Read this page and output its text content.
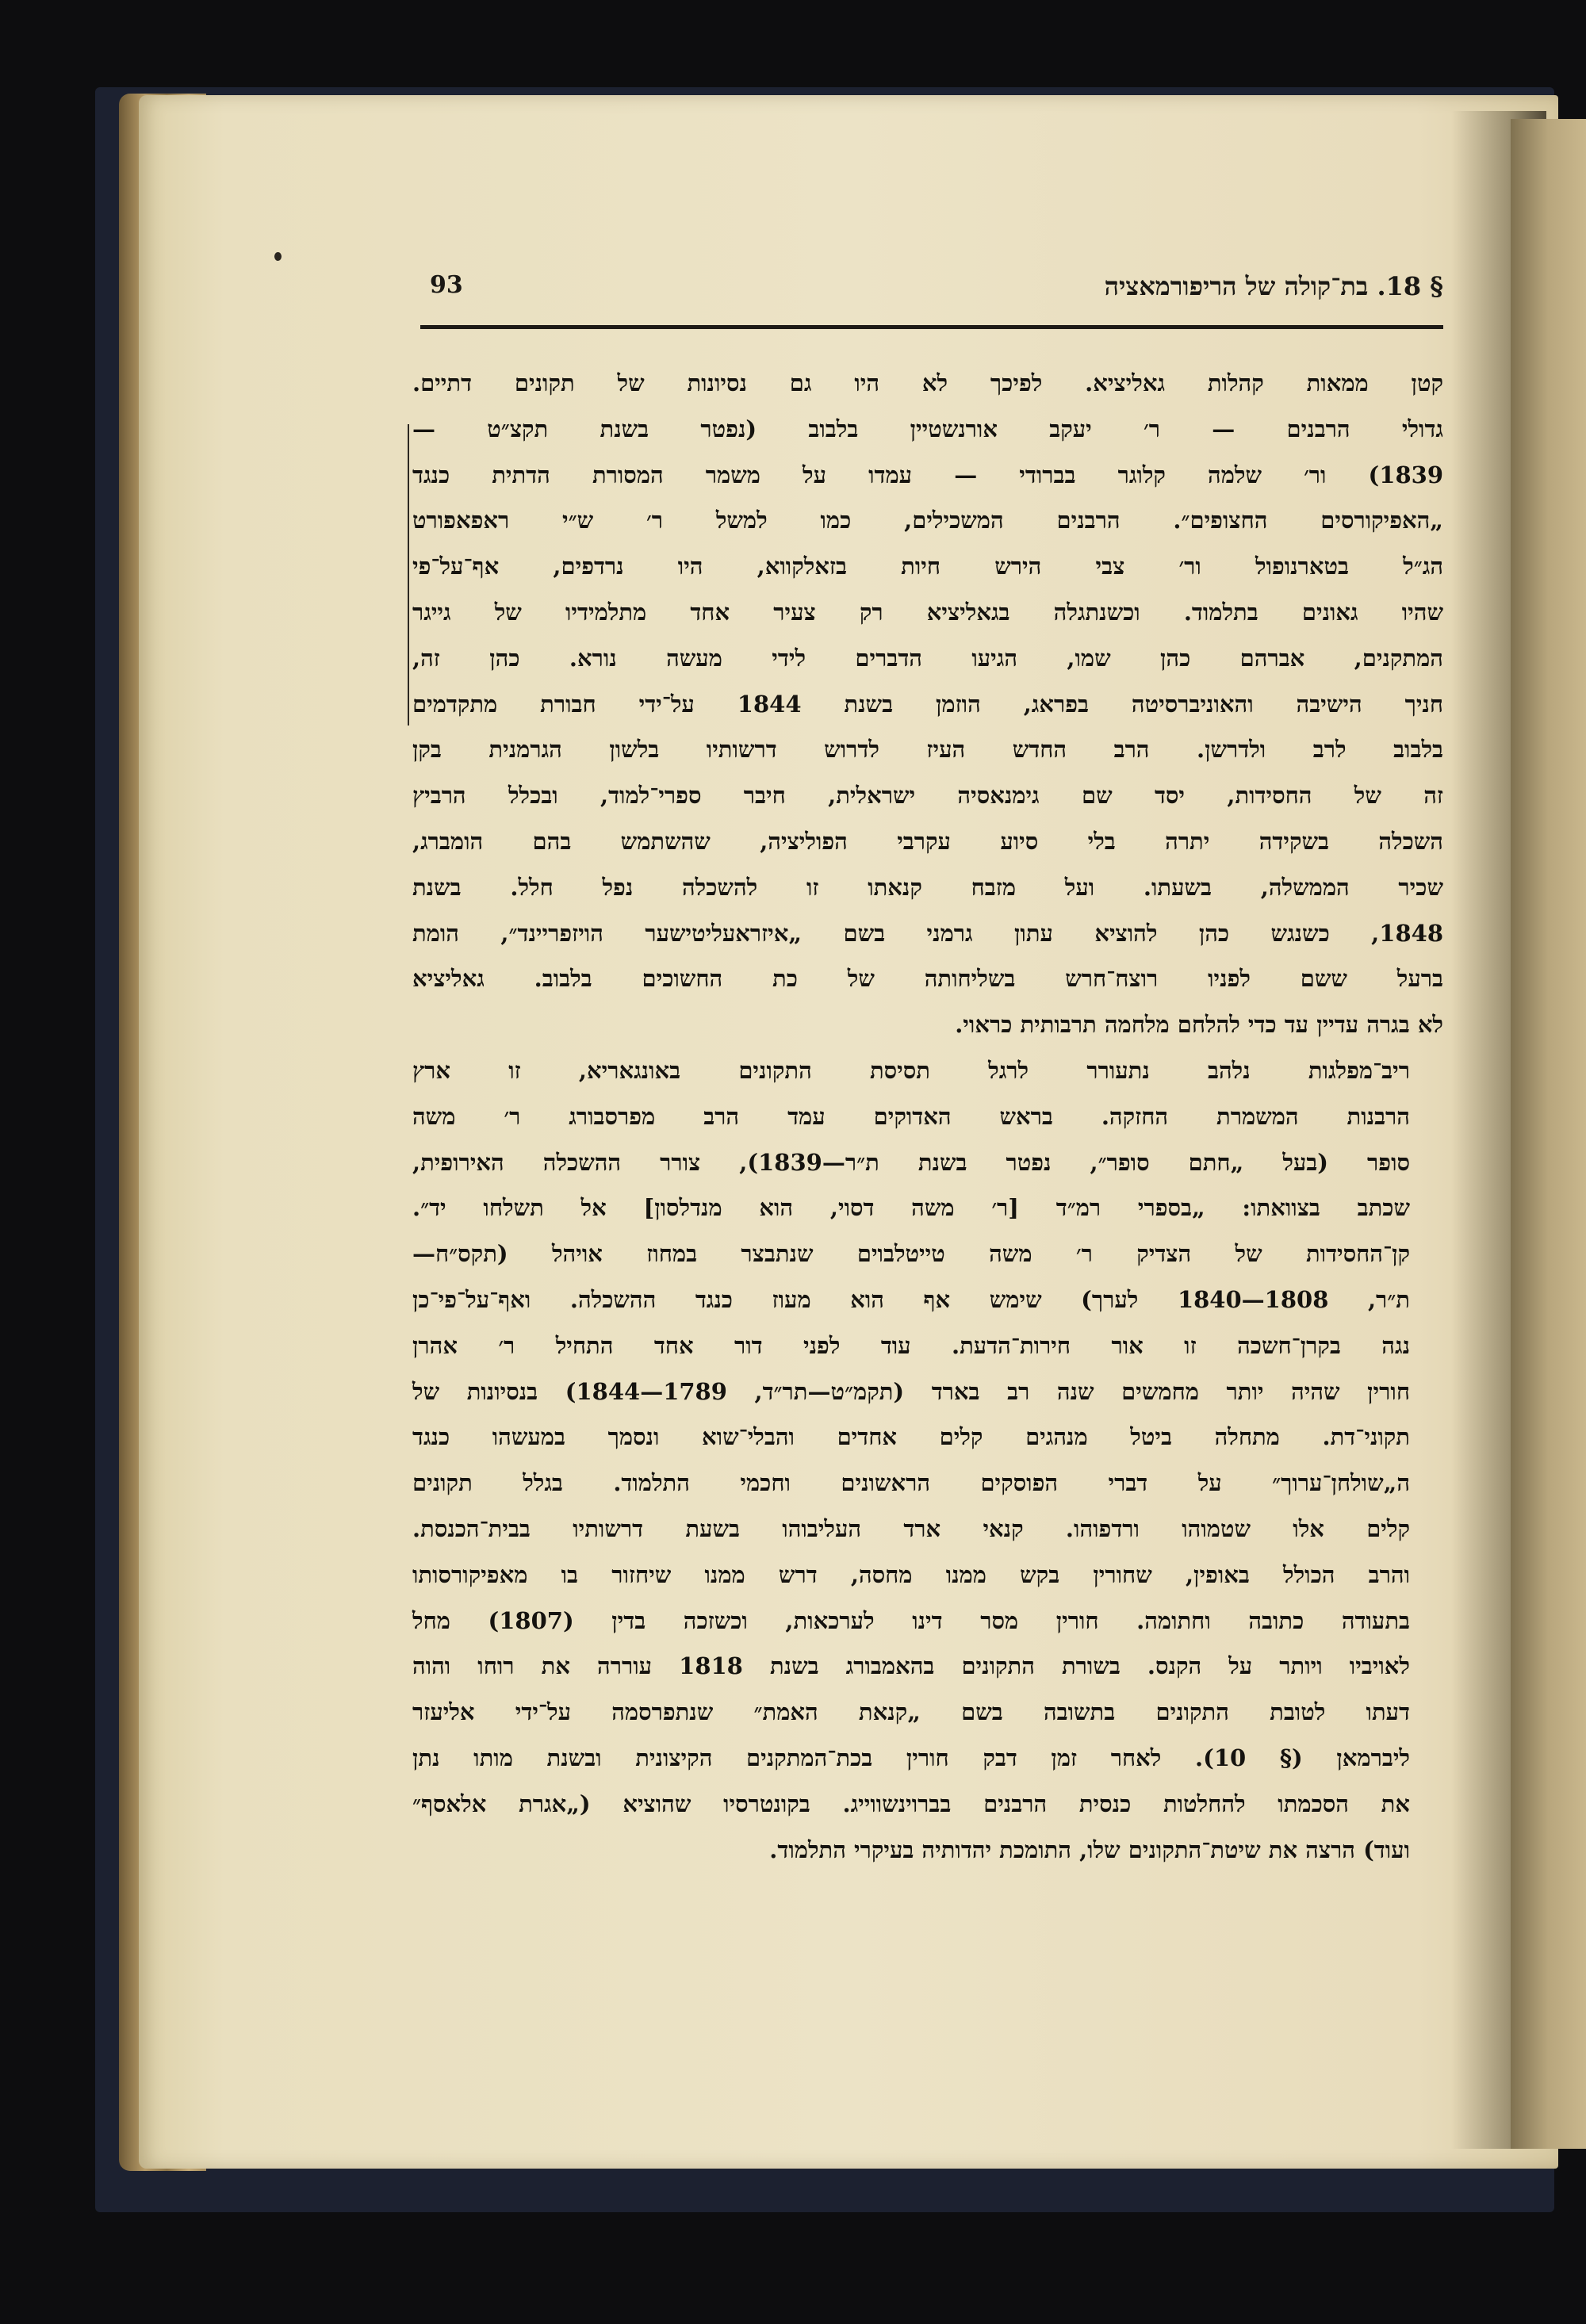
93	§ 18. בת־קולה של הריפורמאציה

קטן ממאות קהלות גאליציא. לפיכך לא היו גם נסיונות של תקונים דתיים.
גדולי הרבנים — ר׳ יעקב אורנשטיין בלבוב (נפטר בשנת תקצ״ט —
1839) ור׳ שלמה קלוגר בברודי — עמדו על משמר המסורת הדתית כנגד
„האפיקורסים החצופים״. הרבנים המשכילים, כמו למשל ר׳ ש״י ראפאפורט
הג״ל בטארנופול ור׳ צבי הירש חיות בזאלקווא, היו נרדפים, אף־על־פי
שהיו גאונים בתלמוד. וכשנתגלה בגאליציא רק צעיר אחד מתלמידיו של גייגר
המתקנים, אברהם כהן שמו, הגיעו הדברים לידי מעשה נורא. כהן זה,
חניך הישיבה והאוניברסיטה בפראג, הוזמן בשנת 1844 על־ידי חבורת מתקדמים
בלבוב לרב ולדרשן. הרב החדש העיז לדרוש דרשותיו בלשון הגרמנית בקן
זה של החסידות, יסד שם גימנאסיה ישראלית, חיבר ספרי־למוד, ובכלל הרביץ
השכלה בשקידה יתרה בלי סיוע עקרבי הפוליציה, שהשתמש בהם הומברג,
שכיר הממשלה, בשעתו. ועל מזבח קנאתו זו להשכלה נפל חלל. בשנת
1848, כשנגש כהן להוציא עתון גרמני בשם „איזראעליטישער הויזפריינד״, הומת
ברעל ששם לפניו רוצח־חרש בשליחותה של כת החשוכים בלבוב. גאליציא
לא בגרה עדיין עד כדי להלחם מלחמה תרבותית כראוי.

ריב־מפלגות נלהב נתעורר לרגל תסיסת התקונים באונגאריא, זו ארץ
הרבנות המשמרת החזקה. בראש האדוקים עמד הרב מפרסבורג ר׳ משה
סופר (בעל „חתם סופר״, נפטר בשנת ת״ר—1839), צורר ההשכלה האירופית,
שכתב בצוואתו: „בספרי רמ״ד [ר׳ משה דסוי, הוא מנדלסון] אל תשלחו יד״.
קן־החסידות של הצדיק ר׳ משה טייטלבוים שנתבצר במחוז אויהל (תקס״ח—
ת״ר, 1808—1840 לערך) שימש אף הוא מעוז כנגד ההשכלה. ואף־על־פי־כן
נגה בקרן־חשכה זו אור חירות־הדעת. עוד לפני דור אחד התחיל ר׳ אהרן
חורין שהיה יותר מחמשים שנה רב בארד (תקמ״ט—תר״ד, 1789—1844) בנסיונות של
תקוני־דת. מתחלה ביטל מנהגים קלים אחדים והבלי־שוא ונסמך במעשהו כנגד
ה„שולחן־ערוך״ על דברי הפוסקים הראשונים וחכמי התלמוד. בגלל תקונים
קלים אלו שטמוהו ורדפוהו. קנאי ארד העליבוהו בשעת דרשותיו בבית־הכנסת.
והרב הכולל באופין, שחורין בקש ממנו מחסה, דרש ממנו שיחזור בו מאפיקורסותו
בתעודה כתובה וחתומה. חורין מסר דינו לערכאות, וכשזכה בדין (1807) מחל
לאויביו ויותר על הקנס. בשורת התקונים בהאמבורג בשנת 1818 עוררה את רוחו והוה
דעתו לטובת התקונים בתשובה בשם „קנאת האמת״ שנתפרסמה על־ידי אליעזר
ליברמאן (§ 10). לאחר זמן דבק חורין בכת־המתקנים הקיצונית ובשנת מותו נתן
את הסכמתו להחלטות כנסית הרבנים בברוינשווייג. בקונטרסיו שהוציא („אגרת אלאסף״
ועוד) הרצה את שיטת־התקונים שלו, התומכת יהדותיה בעיקרי התלמוד.
